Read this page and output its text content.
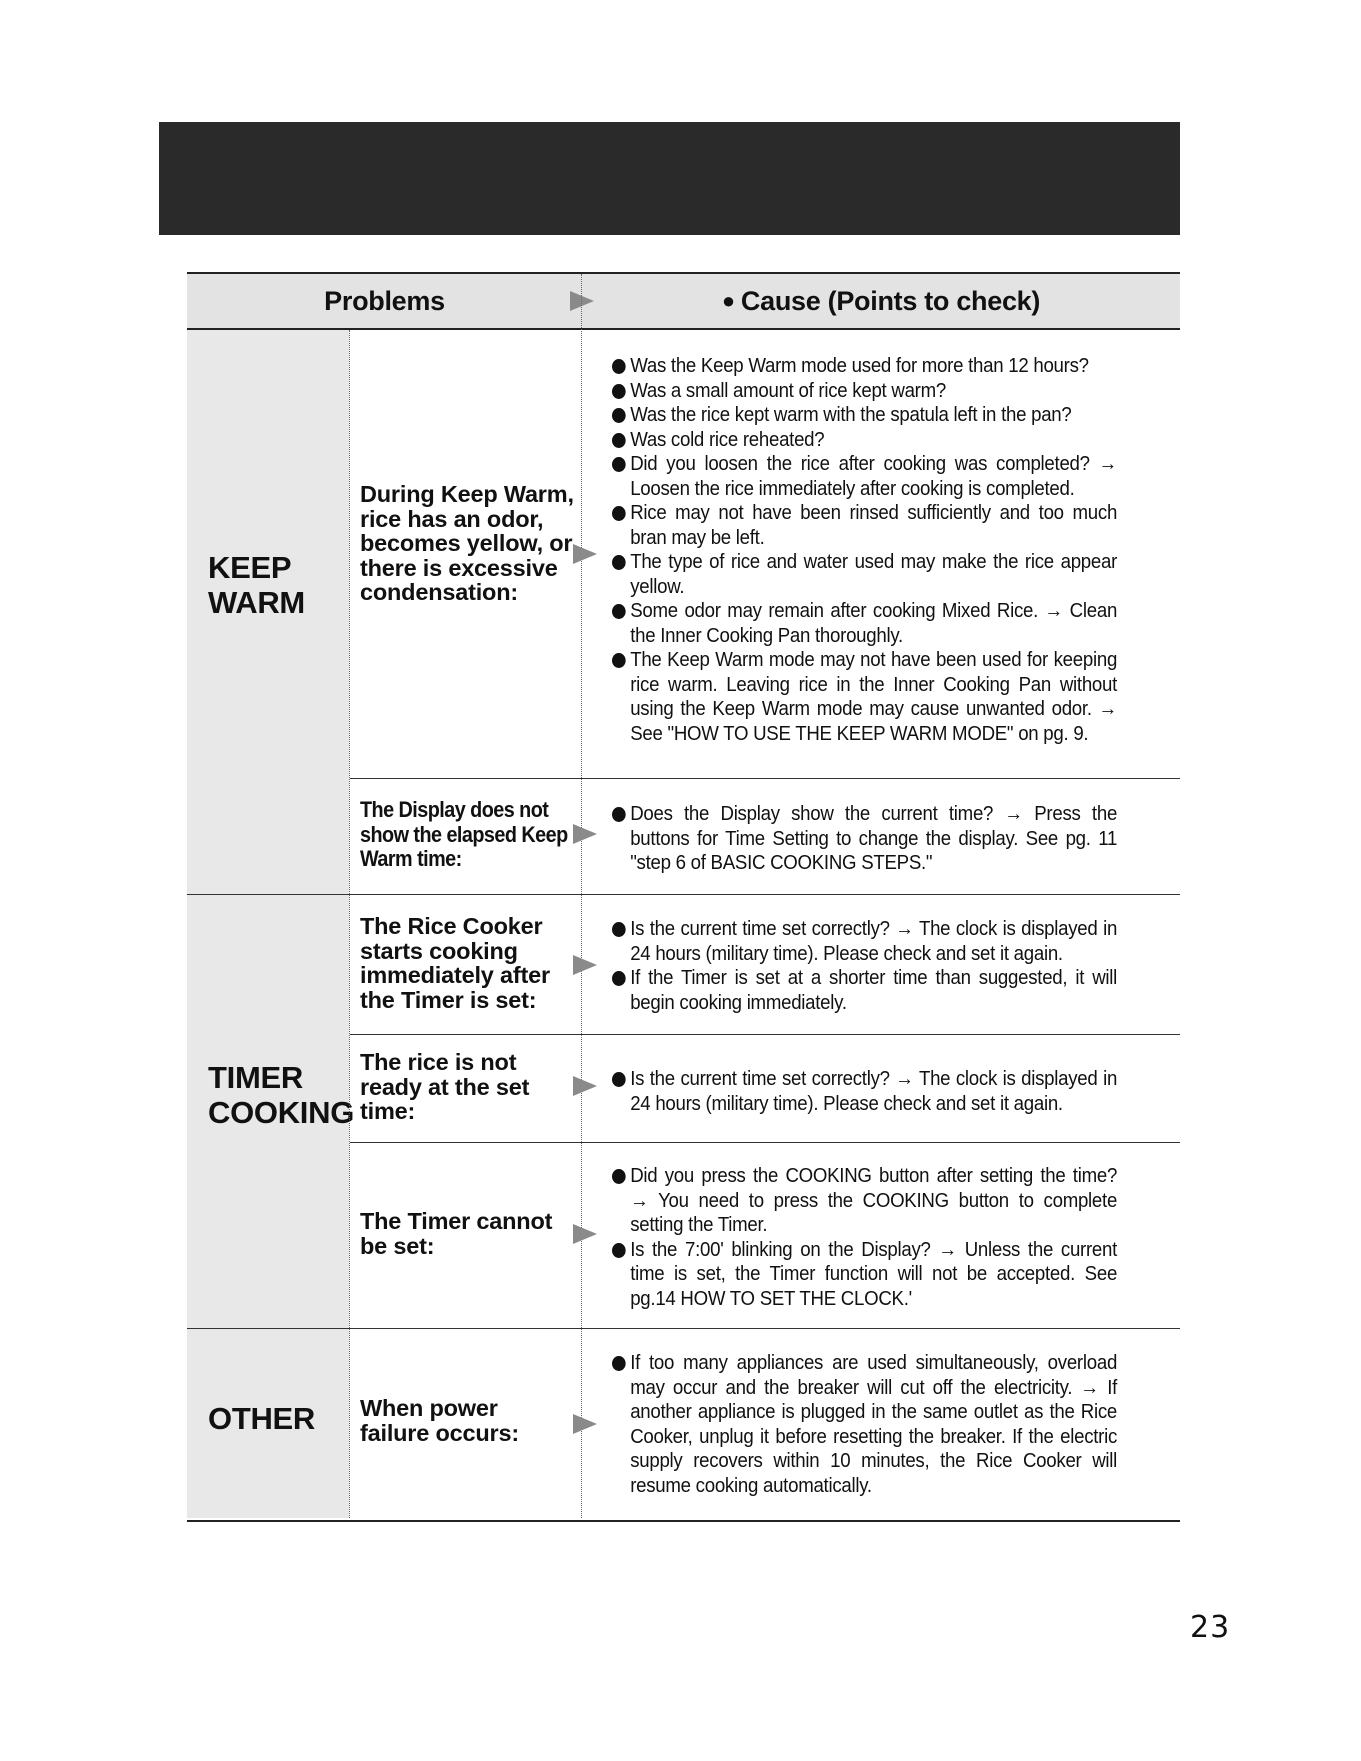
Problems	● Cause (Points to check)
KEEP
WARM
TIMER
COOKING
OTHER
During Keep Warm, rice has an odor, becomes yellow, or there is excessive condensation:
Was the Keep Warm mode used for more than 12 hours?
Was a small amount of rice kept warm?
Was the rice kept warm with the spatula left in the pan?
Was cold rice reheated?
Did you loosen the rice after cooking was completed? → Loosen the rice immediately after cooking is completed.
Rice may not have been rinsed sufficiently and too much bran may be left.
The type of rice and water used may make the rice appear yellow.
Some odor may remain after cooking Mixed Rice. → Clean the Inner Cooking Pan thoroughly.
The Keep Warm mode may not have been used for keeping rice warm. Leaving rice in the Inner Cooking Pan without using the Keep Warm mode may cause unwanted odor. → See "HOW TO USE THE KEEP WARM MODE" on pg. 9.
The Display does not show the elapsed Keep Warm time:
Does the Display show the current time? → Press the buttons for Time Setting to change the display. See pg. 11 "step 6 of BASIC COOKING STEPS."
The Rice Cooker starts cooking immediately after the Timer is set:
Is the current time set correctly? → The clock is displayed in 24 hours (military time). Please check and set it again.
If the Timer is set at a shorter time than suggested, it will begin cooking immediately.
The rice is not ready at the set time:
Is the current time set correctly? → The clock is displayed in 24 hours (military time). Please check and set it again.
The Timer cannot be set:
Did you press the COOKING button after setting the time? → You need to press the COOKING button to complete setting the Timer.
Is the 7:00' blinking on the Display? → Unless the current time is set, the Timer function will not be accepted. See pg.14 HOW TO SET THE CLOCK.'
When power failure occurs:
If too many appliances are used simultaneously, overload may occur and the breaker will cut off the electricity. → If another appliance is plugged in the same outlet as the Rice Cooker, unplug it before resetting the breaker. If the electric supply recovers within 10 minutes, the Rice Cooker will resume cooking automatically.
23
